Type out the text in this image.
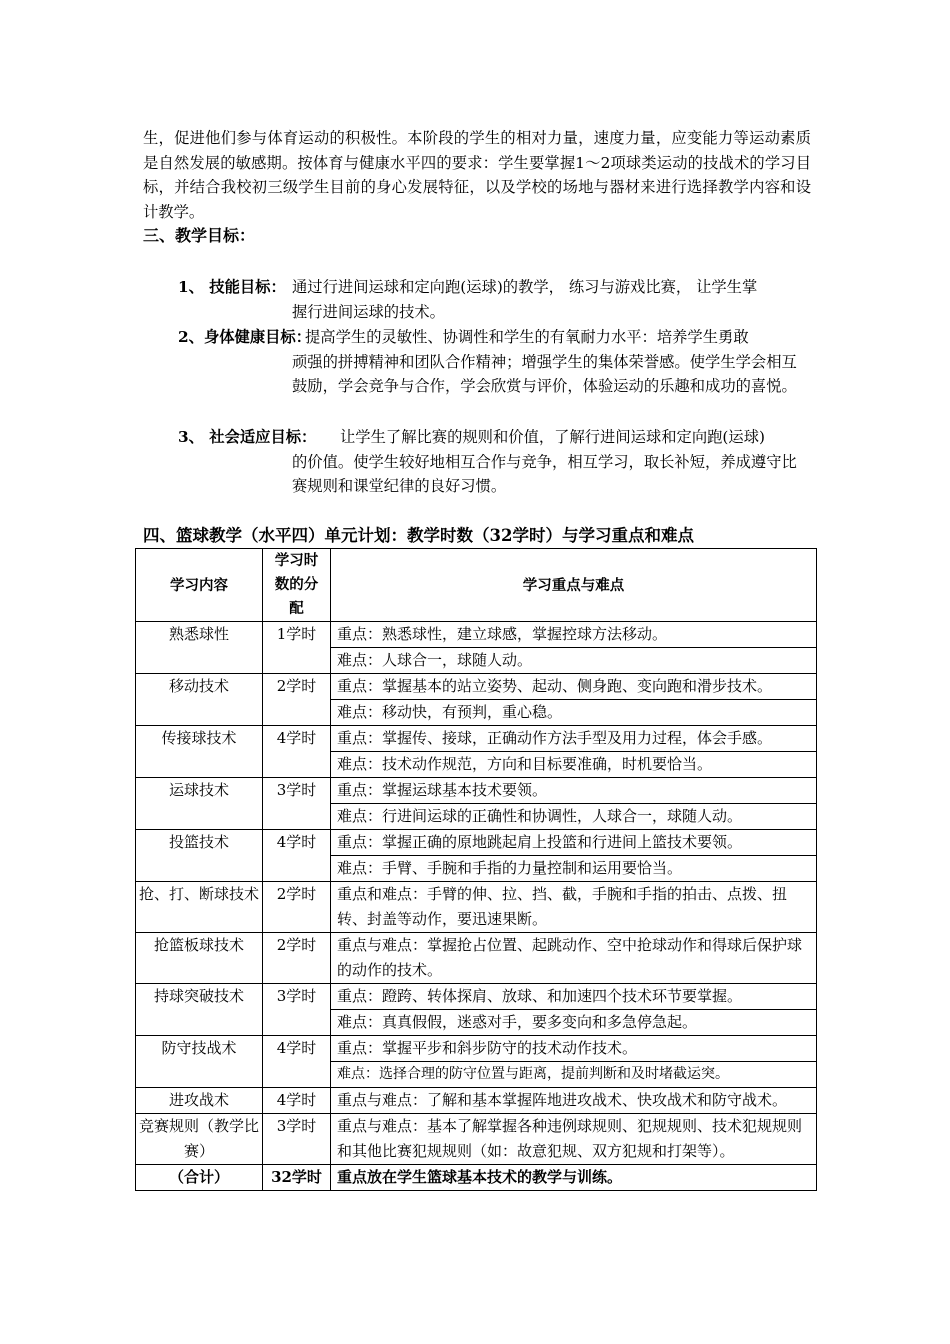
生，促进他们参与体育运动的积极性。本阶段的学生的相对力量，速度力量，应变能力等运动素质是自然发展的敏感期。按体育与健康水平四的要求：学生要掌握1～2项球类运动的技战术的学习目标，并结合我校初三级学生目前的身心发展特征，以及学校的场地与器材来进行选择教学内容和设计教学。
三、教学目标：
1、 技能目标： 通过行进间运球和定向跑(运球)的教学， 练习与游戏比赛， 让学生掌
握行进间运球的技术。
2、身体健康目标：
提高学生的灵敏性、协调性和学生的有氧耐力水平：培养学生勇敢
顽强的拼搏精神和团队合作精神；增强学生的集体荣誉感。使学生学会相互鼓励，学会竞争与合作，学会欣赏与评价，体验运动的乐趣和成功的喜悦。
3、 社会适应目标： 让学生了解比赛的规则和价值，了解行进间运球和定向跑(运球)
的价值。使学生较好地相互合作与竞争，相互学习，取长补短，养成遵守比赛规则和课堂纪律的良好习惯。
四、篮球教学（水平四）单元计划：教学时数（32学时）与学习重点和难点
学习内容	学习时数的分配	学习重点与难点
熟悉球性	1学时	重点：熟悉球性，建立球感，掌握控球方法移动。
		难点：人球合一，球随人动。
移动技术	2学时	重点：掌握基本的站立姿势、起动、侧身跑、变向跑和滑步技术。
		难点：移动快，有预判，重心稳。
传接球技术	4学时	重点：掌握传、接球，正确动作方法手型及用力过程，体会手感。
		难点：技术动作规范，方向和目标要准确，时机要恰当。
运球技术	3学时	重点：掌握运球基本技术要领。
		难点：行进间运球的正确性和协调性，人球合一，球随人动。
投篮技术	4学时	重点：掌握正确的原地跳起肩上投篮和行进间上篮技术要领。
		难点：手臂、手腕和手指的力量控制和运用要恰当。
抢、打、断球技术	2学时	重点和难点：手臂的伸、拉、挡、截，手腕和手指的拍击、点拨、扭转、封盖等动作，要迅速果断。
抢篮板球技术	2学时	重点与难点：掌握抢占位置、起跳动作、空中抢球动作和得球后保护球的动作的技术。
持球突破技术	3学时	重点：蹬跨、转体探肩、放球、和加速四个技术环节要掌握。
		难点：真真假假，迷惑对手，要多变向和多急停急起。
防守技战术	4学时	重点：掌握平步和斜步防守的技术动作技术。
		难点：选择合理的防守位置与距离，提前判断和及时堵截运突。
进攻战术	4学时	重点与难点：了解和基本掌握阵地进攻战术、快攻战术和防守战术。
竞赛规则（教学比赛）	3学时	重点与难点：基本了解掌握各种违例球规则、犯规规则、技术犯规规则和其他比赛犯规规则（如：故意犯规、双方犯规和打架等）。
（合计）	32学时	重点放在学生篮球基本技术的教学与训练。
